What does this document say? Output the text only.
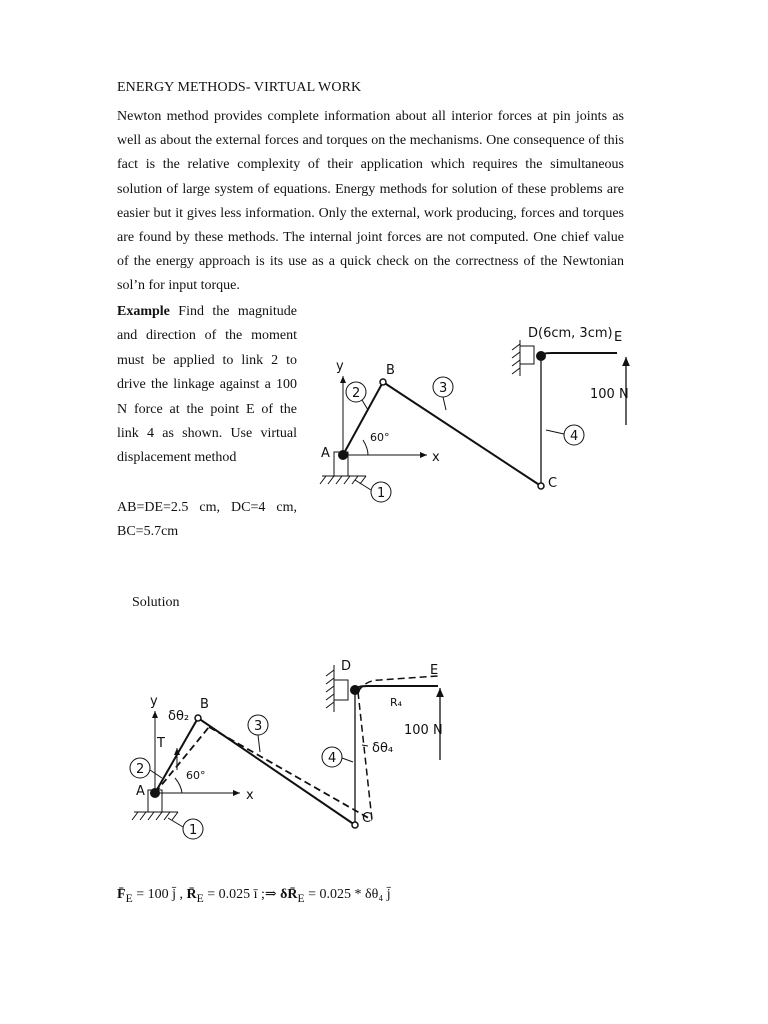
ENERGY METHODS- VIRTUAL WORK

Newton method provides complete information about all interior forces at pin joints as well as about the external forces and torques on the mechanisms. One consequence of this fact is the relative complexity of their application which requires the simultaneous solution of large system of equations. Energy methods for solution of these problems are easier but it gives less information. Only the external, work producing, forces and torques are found by these methods. The internal joint forces are not computed. One chief value of the energy approach is its use as a quick check on the correctness of the Newtonian sol’n for input torque.

Example Find the magnitude and direction of the moment must be applied to link 2 to drive the linkage against a 100 N force at the point E of the link 4 as shown. Use virtual displacement method

AB=DE=2.5 cm, DC=4 cm, BC=5.7cm

Solution
y
x
100 N
60°
A
B
C
D(6cm, 3cm) E
1
2	3
4
y
x
100 N
T
60°
δθ₂
δθ₄
R₄
A
B
C
D	E
1
2
3
4
$F̄_E = 100$ j̄ , $R̄_E = 0.025$ ī ;⇒ $\delta R̄_E = 0.025 * \delta\theta_4$ j̄
